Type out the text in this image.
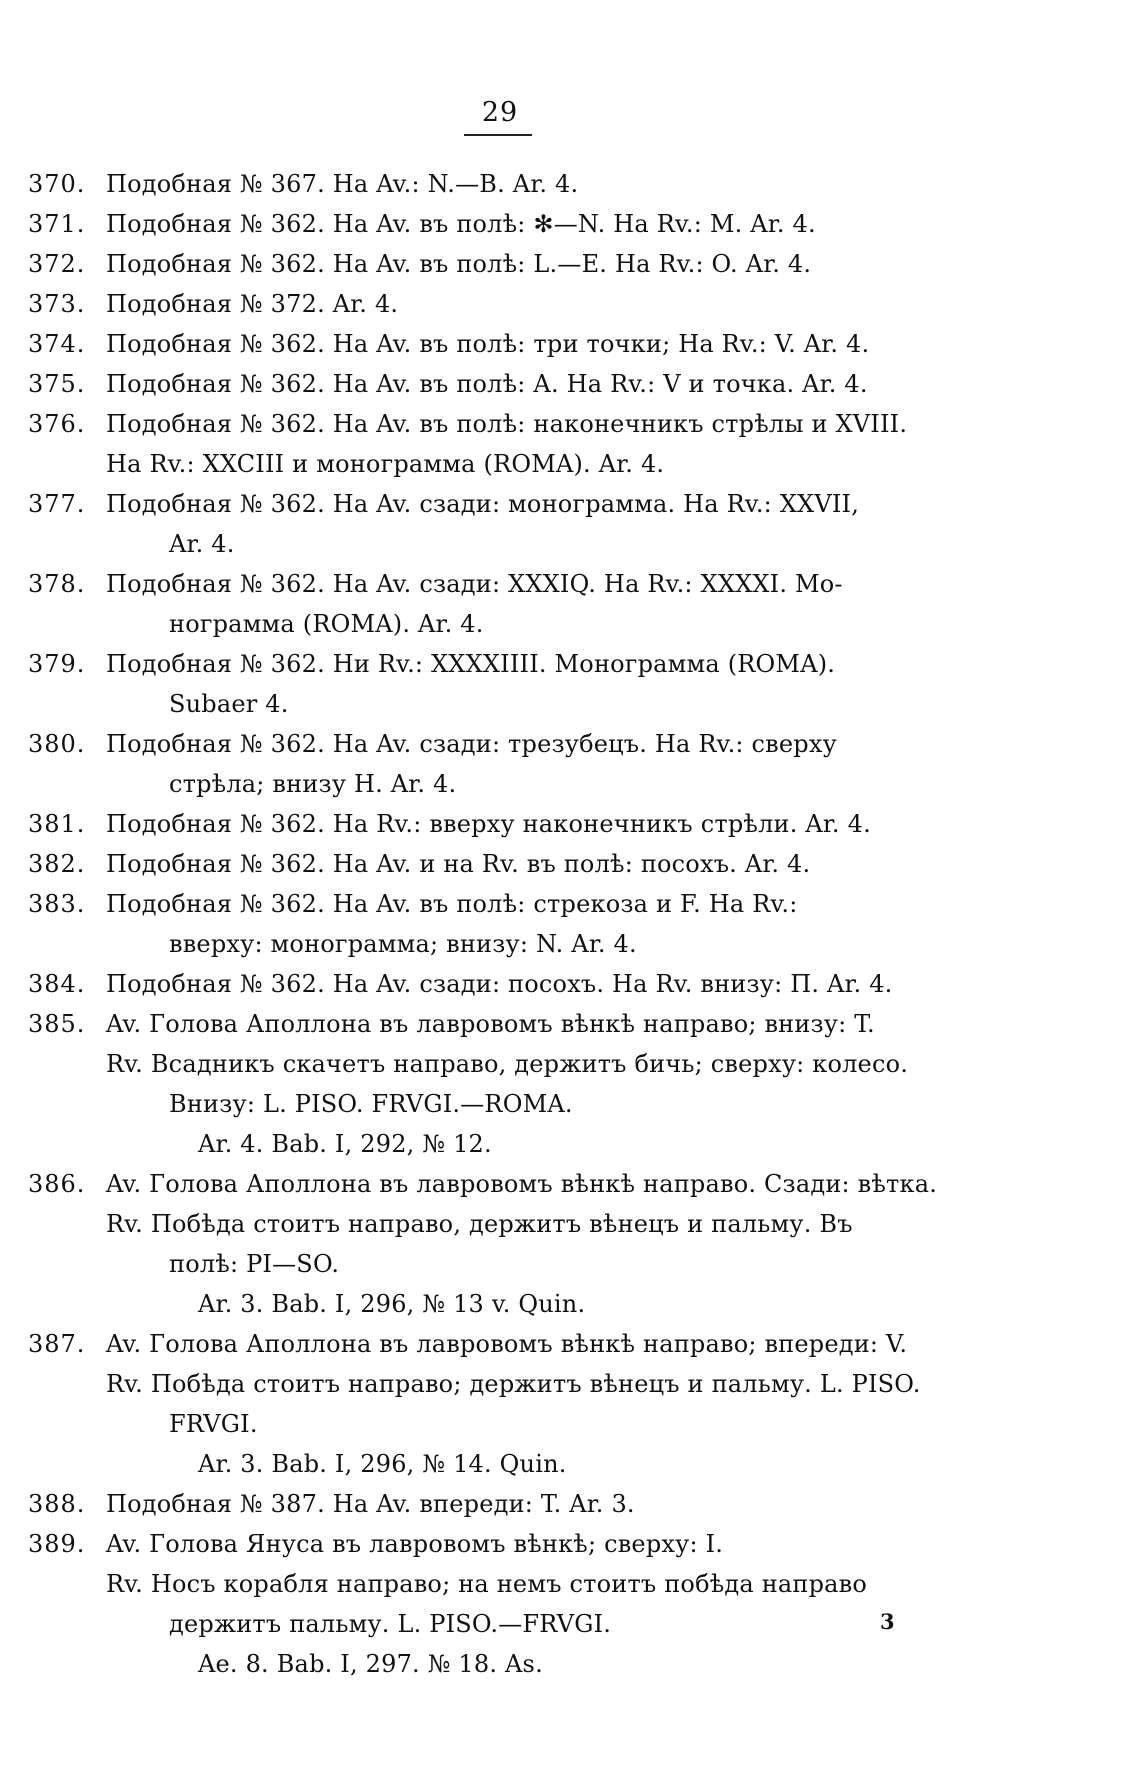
29
370. Подобная № 367. На Av.: N.—B. Ar. 4.
371. Подобная № 362. На Av. въ полѣ: ✻—N. На Rv.: M. Ar. 4.
372. Подобная № 362. На Av. въ полѣ: L.—E. На Rv.: O. Ar. 4.
373. Подобная № 372. Ar. 4.
374. Подобная № 362. На Av. въ полѣ: три точки; На Rv.: V. Ar. 4.
375. Подобная № 362. На Av. въ полѣ: A. На Rv.: V и точка. Ar. 4.
376. Подобная № 362. На Av. въ полѣ: наконечникъ стрѣлы и XVIII.
На Rv.: XXCIII и монограмма (ROMA). Ar. 4.
377. Подобная № 362. На Av. сзади: монограмма. На Rv.: XXVII,
Ar. 4.
378. Подобная № 362. На Av. сзади: XXXIQ. На Rv.: XXXXI. Мо-
нограмма (ROMA). Ar. 4.
379. Подобная № 362. Ни Rv.: XXXXIIII. Монограмма (ROMA).
Subaer 4.
380. Подобная № 362. На Av. сзади: трезубецъ. На Rv.: сверху
стрѣла; внизу H. Ar. 4.
381. Подобная № 362. На Rv.: вверху наконечникъ стрѣли. Ar. 4.
382. Подобная № 362. На Av. и на Rv. въ полѣ: посохъ. Ar. 4.
383. Подобная № 362. На Av. въ полѣ: стрекоза и F. На Rv.:
вверху: монограмма; внизу: N. Ar. 4.
384. Подобная № 362. На Av. сзади: посохъ. На Rv. внизу: П. Ar. 4.
385. Av. Голова Аполлона въ лавровомъ вѣнкѣ направо; внизу: T.
Rv. Всадникъ скачетъ направо, держитъ бичь; сверху: колесо.
Внизу: L. PISO. FRVGI.—ROMA.
Ar. 4. Bab. I, 292, № 12.
386. Av. Голова Аполлона въ лавровомъ вѣнкѣ направо. Сзади: вѣтка.
Rv. Побѣда стоитъ направо, держитъ вѣнецъ и пальму. Въ
полѣ: PI—SO.
Ar. 3. Bab. I, 296, № 13 v. Quin.
387. Av. Голова Аполлона въ лавровомъ вѣнкѣ направо; впереди: V.
Rv. Побѣда стоитъ направо; держитъ вѣнецъ и пальму. L. PISO.
FRVGI.
Ar. 3. Bab. I, 296, № 14. Quin.
388. Подобная № 387. На Av. впереди: T. Ar. 3.
389. Av. Голова Януса въ лавровомъ вѣнкѣ; сверху: I.
Rv. Носъ корабля направо; на немъ стоитъ побѣда направо
держитъ пальму. L. PISO.—FRVGI.
Ae. 8. Bab. I, 297. № 18. As.
3
